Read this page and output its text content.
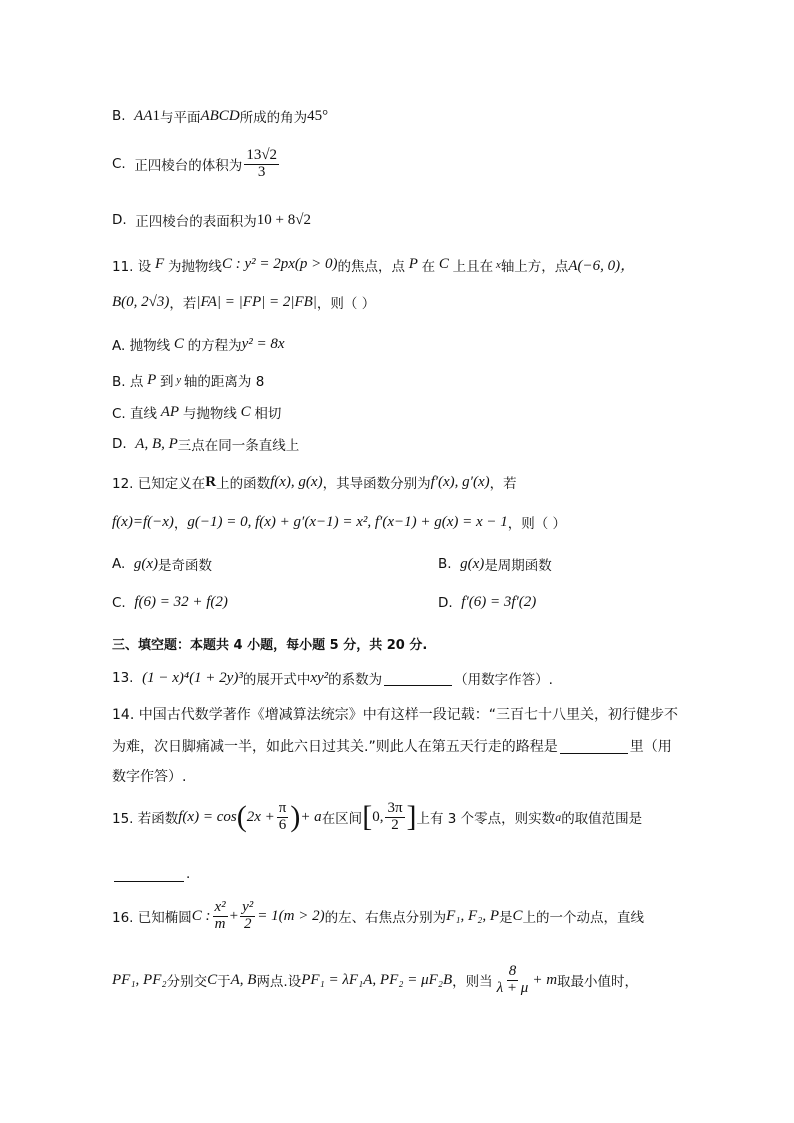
B.
AA 1 与平面 ABCD 所成的角为 45°
C.
正四棱台的体积为 $\frac{13√2}{3}$
D.
正四棱台的表面积为 10 + 8√2
11. 设 F 为抛物线 C : y² = 2px(p > 0) 的焦点，点 P 在 C 上且在 x 轴上方，点 A(−6, 0)，
B(0, 2√3) ，若 |FA| = |FP| = 2|FB| ，则（ ）
A. 抛物线 C 的方程为 y² = 8x
B. 点 P 到 y 轴的距离为 8
C. 直线 AP 与抛物线 C 相切
D.
A, B, P 三点在同一条直线上
12. 已知定义在 R 上的函数 f(x), g(x) ，其导函数分别为 f′(x), g′(x) ，若
f(x)=f(−x) ， g(−1) = 0, f(x) + g′(x−1) = x², f′(x−1) + g(x) = x − 1 ，则（ ）
A.
g(x) 是奇函数	B.
g(x) 是周期函数
C.
f(6) = 32 + f(2)	D.
f′(6) = 3f′(2)
三、填空题：本题共 4 小题，每小题 5 分，共 20 分.
13.
(1 − x)⁴(1 + 2y)³ 的展开式中 xy² 的系数为	（用数字作答）.
14. 中国古代数学著作《增减算法统宗》中有这样一段记载：“三百七十八里关，初行健步不
为难，次日脚痛减一半，如此六日过其关.”则此人在第五天行走的路程是	里（用
数字作答）.
15. 若函数 f(x) = cos ( $2x + \frac{\pi}{6}$ ) + a 在区间 [ 0, $\frac{3\pi}{2}$ ] 上有 3 个零点，则实数 a 的取值范围是
.
16. 已知椭圆 C : $\frac{\text{x²}}{m} + \frac{\text{y²}}{2} = 1(m > 2)$ 的左、右焦点分别为 F₁, F₂, P 是 C 上的一个动点，直线
PF₁, PF₂ 分别交 C 于 A, B 两点.设 PF₁ = λF₁A, PF₂ = μF₂B ，则当 $\frac{8}{\lambda + \mu} + m$ 取最小值时，
